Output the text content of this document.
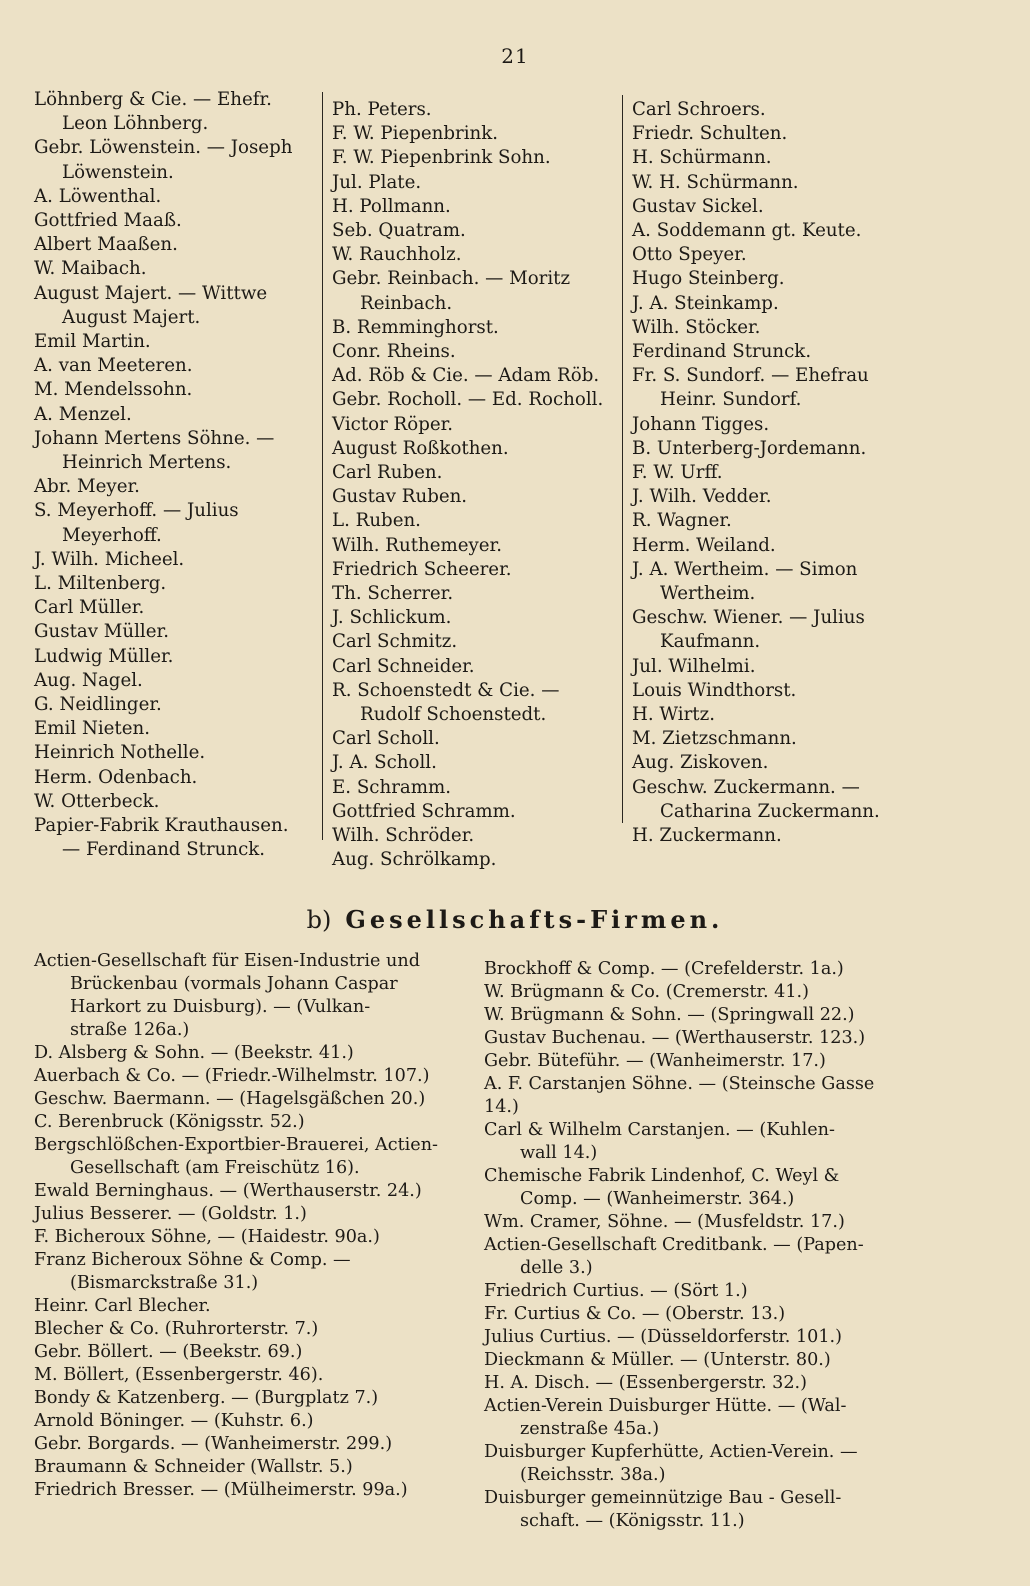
21
Löhnberg & Cie. — Ehefr.
Leon Löhnberg.
Gebr. Löwenstein. — Joseph
Löwenstein.
A. Löwenthal.
Gottfried Maaß.
Albert Maaßen.
W. Maibach.
August Majert. — Wittwe
August Majert.
Emil Martin.
A. van Meeteren.
M. Mendelssohn.
A. Menzel.
Johann Mertens Söhne. —
Heinrich Mertens.
Abr. Meyer.
S. Meyerhoff. — Julius
Meyerhoff.
J. Wilh. Micheel.
L. Miltenberg.
Carl Müller.
Gustav Müller.
Ludwig Müller.
Aug. Nagel.
G. Neidlinger.
Emil Nieten.
Heinrich Nothelle.
Herm. Odenbach.
W. Otterbeck.
Papier-Fabrik Krauthausen.
— Ferdinand Strunck.
Ph. Peters.
F. W. Piepenbrink.
F. W. Piepenbrink Sohn.
Jul. Plate.
H. Pollmann.
Seb. Quatram.
W. Rauchholz.
Gebr. Reinbach. — Moritz
Reinbach.
B. Remminghorst.
Conr. Rheins.
Ad. Röb & Cie. — Adam Röb.
Gebr. Rocholl. — Ed. Rocholl.
Victor Röper.
August Roßkothen.
Carl Ruben.
Gustav Ruben.
L. Ruben.
Wilh. Ruthemeyer.
Friedrich Scheerer.
Th. Scherrer.
J. Schlickum.
Carl Schmitz.
Carl Schneider.
R. Schoenstedt & Cie. —
Rudolf Schoenstedt.
Carl Scholl.
J. A. Scholl.
E. Schramm.
Gottfried Schramm.
Wilh. Schröder.
Aug. Schrölkamp.
Carl Schroers.
Friedr. Schulten.
H. Schürmann.
W. H. Schürmann.
Gustav Sickel.
A. Soddemann gt. Keute.
Otto Speyer.
Hugo Steinberg.
J. A. Steinkamp.
Wilh. Stöcker.
Ferdinand Strunck.
Fr. S. Sundorf. — Ehefrau
Heinr. Sundorf.
Johann Tigges.
B. Unterberg-Jordemann.
F. W. Urff.
J. Wilh. Vedder.
R. Wagner.
Herm. Weiland.
J. A. Wertheim. — Simon
Wertheim.
Geschw. Wiener. — Julius
Kaufmann.
Jul. Wilhelmi.
Louis Windthorst.
H. Wirtz.
M. Zietzschmann.
Aug. Ziskoven.
Geschw. Zuckermann. —
Catharina Zuckermann.
H. Zuckermann.
b) Gesellschafts-Firmen.
Actien-Gesellschaft für Eisen-Industrie und
Brückenbau (vormals Johann Caspar
Harkort zu Duisburg). — (Vulkan-
straße 126a.)
D. Alsberg & Sohn. — (Beekstr. 41.)
Auerbach & Co. — (Friedr.-Wilhelmstr. 107.)
Geschw. Baermann. — (Hagelsgäßchen 20.)
C. Berenbruck (Königsstr. 52.)
Bergschlößchen-Exportbier-Brauerei, Actien-
Gesellschaft (am Freischütz 16).
Ewald Berninghaus. — (Werthauserstr. 24.)
Julius Besserer. — (Goldstr. 1.)
F. Bicheroux Söhne, — (Haidestr. 90a.)
Franz Bicheroux Söhne & Comp. —
(Bismarckstraße 31.)
Heinr. Carl Blecher.
Blecher & Co. (Ruhrorterstr. 7.)
Gebr. Böllert. — (Beekstr. 69.)
M. Böllert, (Essenbergerstr. 46).
Bondy & Katzenberg. — (Burgplatz 7.)
Arnold Böninger. — (Kuhstr. 6.)
Gebr. Borgards. — (Wanheimerstr. 299.)
Braumann & Schneider (Wallstr. 5.)
Friedrich Bresser. — (Mülheimerstr. 99a.)
Brockhoff & Comp. — (Crefelderstr. 1a.)
W. Brügmann & Co. (Cremerstr. 41.)
W. Brügmann & Sohn. — (Springwall 22.)
Gustav Buchenau. — (Werthauserstr. 123.)
Gebr. Büteführ. — (Wanheimerstr. 17.)
A. F. Carstanjen Söhne. — (Steinsche Gasse 14.)
Carl & Wilhelm Carstanjen. — (Kuhlen-
wall 14.)
Chemische Fabrik Lindenhof, C. Weyl &
Comp. — (Wanheimerstr. 364.)
Wm. Cramer, Söhne. — (Musfeldstr. 17.)
Actien-Gesellschaft Creditbank. — (Papen-
delle 3.)
Friedrich Curtius. — (Sört 1.)
Fr. Curtius & Co. — (Oberstr. 13.)
Julius Curtius. — (Düsseldorferstr. 101.)
Dieckmann & Müller. — (Unterstr. 80.)
H. A. Disch. — (Essenbergerstr. 32.)
Actien-Verein Duisburger Hütte. — (Wal-
zenstraße 45a.)
Duisburger Kupferhütte, Actien-Verein. —
(Reichsstr. 38a.)
Duisburger gemeinnützige Bau - Gesell-
schaft. — (Königsstr. 11.)
